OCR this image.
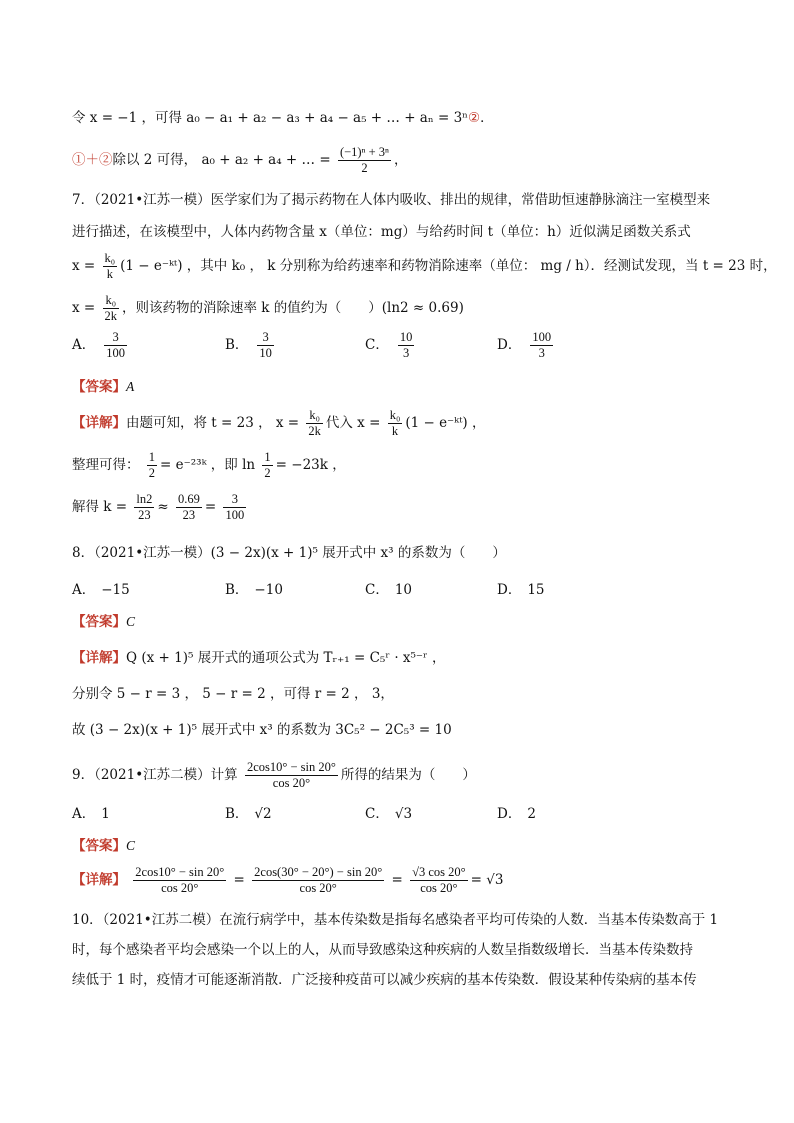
令 x = −1 ，可得 a₀ − a₁ + a₂ − a₃ + a₄ − a₅ + … + aₙ = 3ⁿ②．
①＋②除以 2 可得， a₀ + a₂ + a₄ + … = $\frac{\text{(−1)ⁿ + 3ⁿ}}{2}$ ，
7．（2021•江苏一模）医学家们为了揭示药物在人体内吸收、排出的规律，常借助恒速静脉滴注一室模型来
进行描述，在该模型中，人体内药物含量 x（单位：mg）与给药时间 t（单位：h）近似满足函数关系式
$x = \frac{\text{k₀}}{k} (1$ − e⁻ᵏᵗ) ，其中 k₀ ， k 分别称为给药速率和药物消除速率（单位： mg / h）．经测试发现，当 t = 23 时，
$x = \frac{\text{k₀}}{2k}$ ，则该药物的消除速率 k 的值约为（　　）(ln2 ≈ 0.69)
A． $\frac{3}{100}$	B． $\frac{3}{10}$	C． $\frac{10}{3}$	D． $\frac{100}{3}$
【答案】A
【详解】由题可知，将 t = 23 ， $x = \frac{\text{k₀}}{2k}$ 代入 $x = \frac{\text{k₀}}{k} (1$ − e⁻ᵏᵗ) ，
整理可得： $\frac{1}{2}$ = e⁻²³ᵏ ，即 $\ln \frac{1}{2} = -23k$ ，
解得 $k = \frac{\ln 2}{23} \approx \frac{0.69}{23} = \frac{3}{100}$
8．（2021•江苏一模）(3 − 2x)(x + 1)⁵ 展开式中 x³ 的系数为（　　）
A． −15	B． −10	C． 10	D． 15
【答案】C
【详解】Q (x + 1)⁵ 展开式的通项公式为 Tᵣ₊₁ = C₅ʳ · x⁵⁻ʳ ，
分别令 5 − r = 3 ， 5 − r = 2 ，可得 r = 2 ， 3，
故 (3 − 2x)(x + 1)⁵ 展开式中 x³ 的系数为 3C₅² − 2C₅³ = 10
9．（2021•江苏二模）计算 $\frac{2\cos 10^\circ - \sin 20^\circ}{\cos 20^\circ}$ 所得的结果为（　　）
A． 1	B． √2	C． √3	D． 2
【答案】C
【详解】 $\frac{2\cos 10^\circ - \sin 20^\circ}{\cos 20^\circ} = \frac{2\cos(30^\circ - 20^\circ) - \sin 20^\circ}{\cos 20^\circ} = \frac{√3 \cos 20^\circ}{\cos 20^\circ} = √3$
10．（2021•江苏二模）在流行病学中，基本传染数是指每名感染者平均可传染的人数．当基本传染数高于 1
时，每个感染者平均会感染一个以上的人，从而导致感染这种疾病的人数呈指数级增长．当基本传染数持
续低于 1 时，疫情才可能逐渐消散．广泛接种疫苗可以减少疾病的基本传染数．假设某种传染病的基本传
